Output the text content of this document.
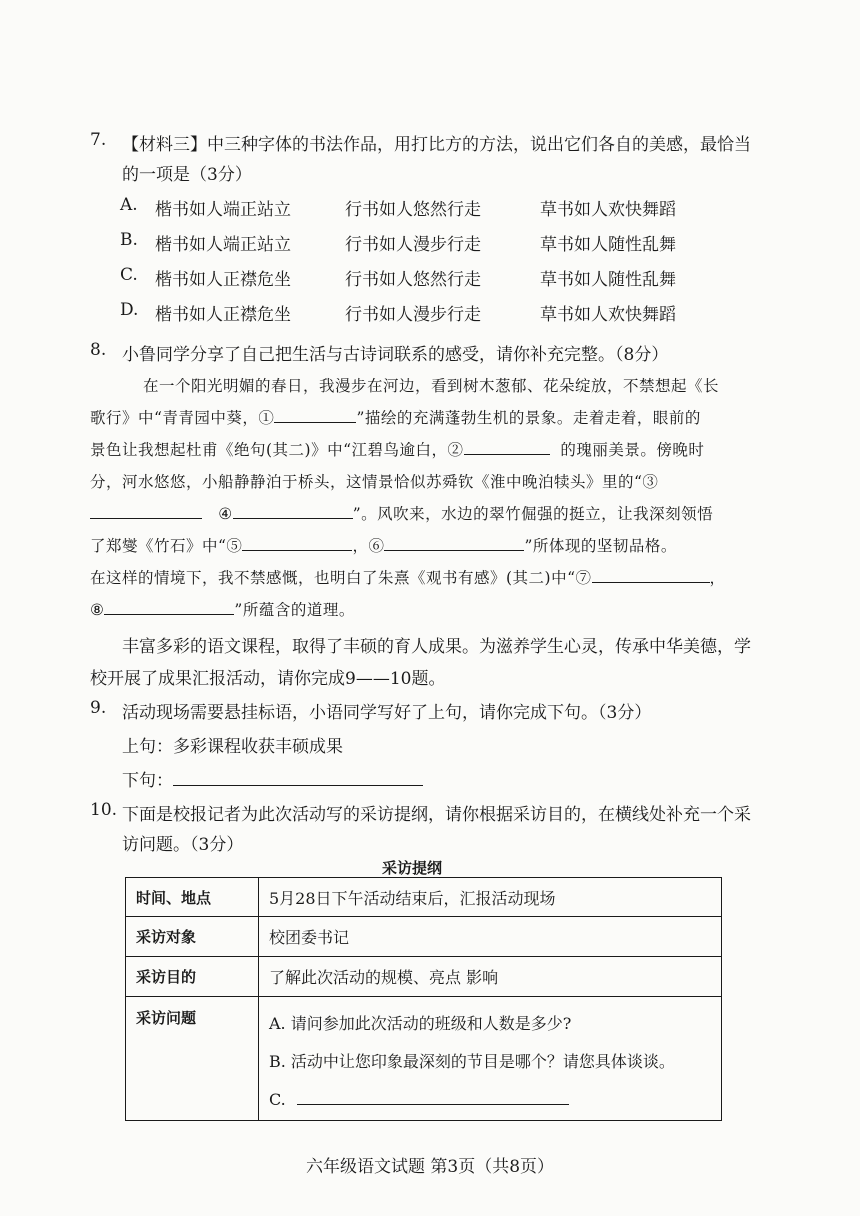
7. 【材料三】中三种字体的书法作品，用打比方的方法，说出它们各自的美感，最恰当
的一项是（3分）
A. 楷书如人端正站立	行书如人悠然行走	草书如人欢快舞蹈
B. 楷书如人端正站立	行书如人漫步行走	草书如人随性乱舞
C. 楷书如人正襟危坐	行书如人悠然行走	草书如人随性乱舞
D. 楷书如人正襟危坐	行书如人漫步行走	草书如人欢快舞蹈
8. 小鲁同学分享了自己把生活与古诗词联系的感受，请你补充完整。（8分）
在一个阳光明媚的春日，我漫步在河边，看到树木葱郁、花朵绽放，不禁想起《长
歌行》中“青青园中葵，①	”描绘的充满蓬勃生机的景象。走着走着，眼前的
景色让我想起杜甫《绝句(其二)》中“江碧鸟逾白，②	的瑰丽美景。傍晚时
分，河水悠悠，小船静静泊于桥头，这情景恰似苏舜钦《淮中晚泊犊头》里的“③
④	”。风吹来，水边的翠竹倔强的挺立，让我深刻领悟
了郑燮《竹石》中“⑤	，⑥	”所体现的坚韧品格。
在这样的情境下，我不禁感慨，也明白了朱熹《观书有感》(其二)中“⑦	，
⑧	”所蕴含的道理。
丰富多彩的语文课程，取得了丰硕的育人成果。为滋养学生心灵，传承中华美德，学
校开展了成果汇报活动，请你完成9——10题。
9. 活动现场需要悬挂标语，小语同学写好了上句，请你完成下句。（3分）
上句：多彩课程收获丰硕成果
下句：
10. 下面是校报记者为此次活动写的采访提纲，请你根据采访目的，在横线处补充一个采
访问题。（3分）
采访提纲
时间、地点	5月28日下午活动结束后，汇报活动现场
采访对象	校团委书记
采访目的	了解此次活动的规模、亮点 影响
采访问题	A. 请问参加此次活动的班级和人数是多少?
B. 活动中让您印象最深刻的节目是哪个？请您具体谈谈。
C.
六年级语文试题 第3页（共8页）
